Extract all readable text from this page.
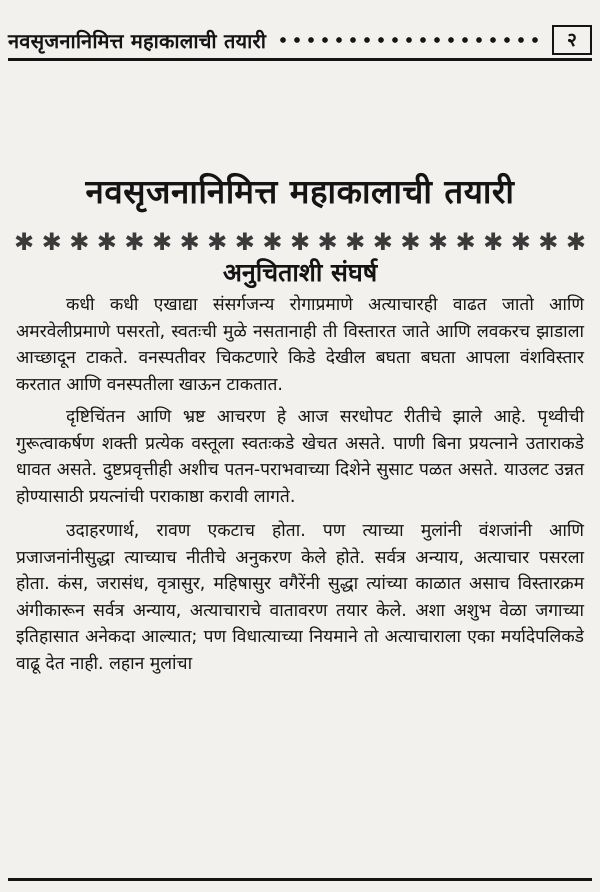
नवसृजनानिमित्त महाकालाची तयारी	२
नवसृजनानिमित्त महाकालाची तयारी
✱ ✱ ✱ ✱ ✱ ✱ ✱ ✱ ✱ ✱ ✱ ✱ ✱ ✱ ✱ ✱ ✱ ✱ ✱ ✱ ✱
अनुचिताशी संघर्ष

कधी कधी एखाद्या संसर्गजन्य रोगाप्रमाणे अत्याचारही वाढत जातो आणि अमरवेलीप्रमाणे पसरतो, स्वतःची मुळे नसतानाही ती विस्तारत जाते आणि लवकरच झाडाला आच्छादून टाकते. वनस्पतीवर चिकटणारे किडे देखील बघता बघता आपला वंशविस्तार करतात आणि वनस्पतीला खाऊन टाकतात.

दृष्टिचिंतन आणि भ्रष्ट आचरण हे आज सरधोपट रीतीचे झाले आहे. पृथ्वीची गुरूत्वाकर्षण शक्ती प्रत्येक वस्तूला स्वतःकडे खेचत असते. पाणी बिना प्रयत्नाने उताराकडे धावत असते. दुष्टप्रवृत्तीही अशीच पतन-पराभवाच्या दिशेने सुसाट पळत असते. याउलट उन्नत होण्यासाठी प्रयत्नांची पराकाष्ठा करावी लागते.

उदाहरणार्थ, रावण एकटाच होता. पण त्याच्या मुलांनी वंशजांनी आणि प्रजाजनांनीसुद्धा त्याच्याच नीतीचे अनुकरण केले होते. सर्वत्र अन्याय, अत्याचार पसरला होता. कंस, जरासंध, वृत्रासुर, महिषासुर वगैरेंनी सुद्धा त्यांच्या काळात असाच विस्तारक्रम अंगीकारून सर्वत्र अन्याय, अत्याचाराचे वातावरण तयार केले. अशा अशुभ वेळा जगाच्या इतिहासात अनेकदा आल्यात; पण विधात्याच्या नियमाने तो अत्याचाराला एका मर्यादेपलिकडे वाढू देत नाही. लहान मुलांचा
